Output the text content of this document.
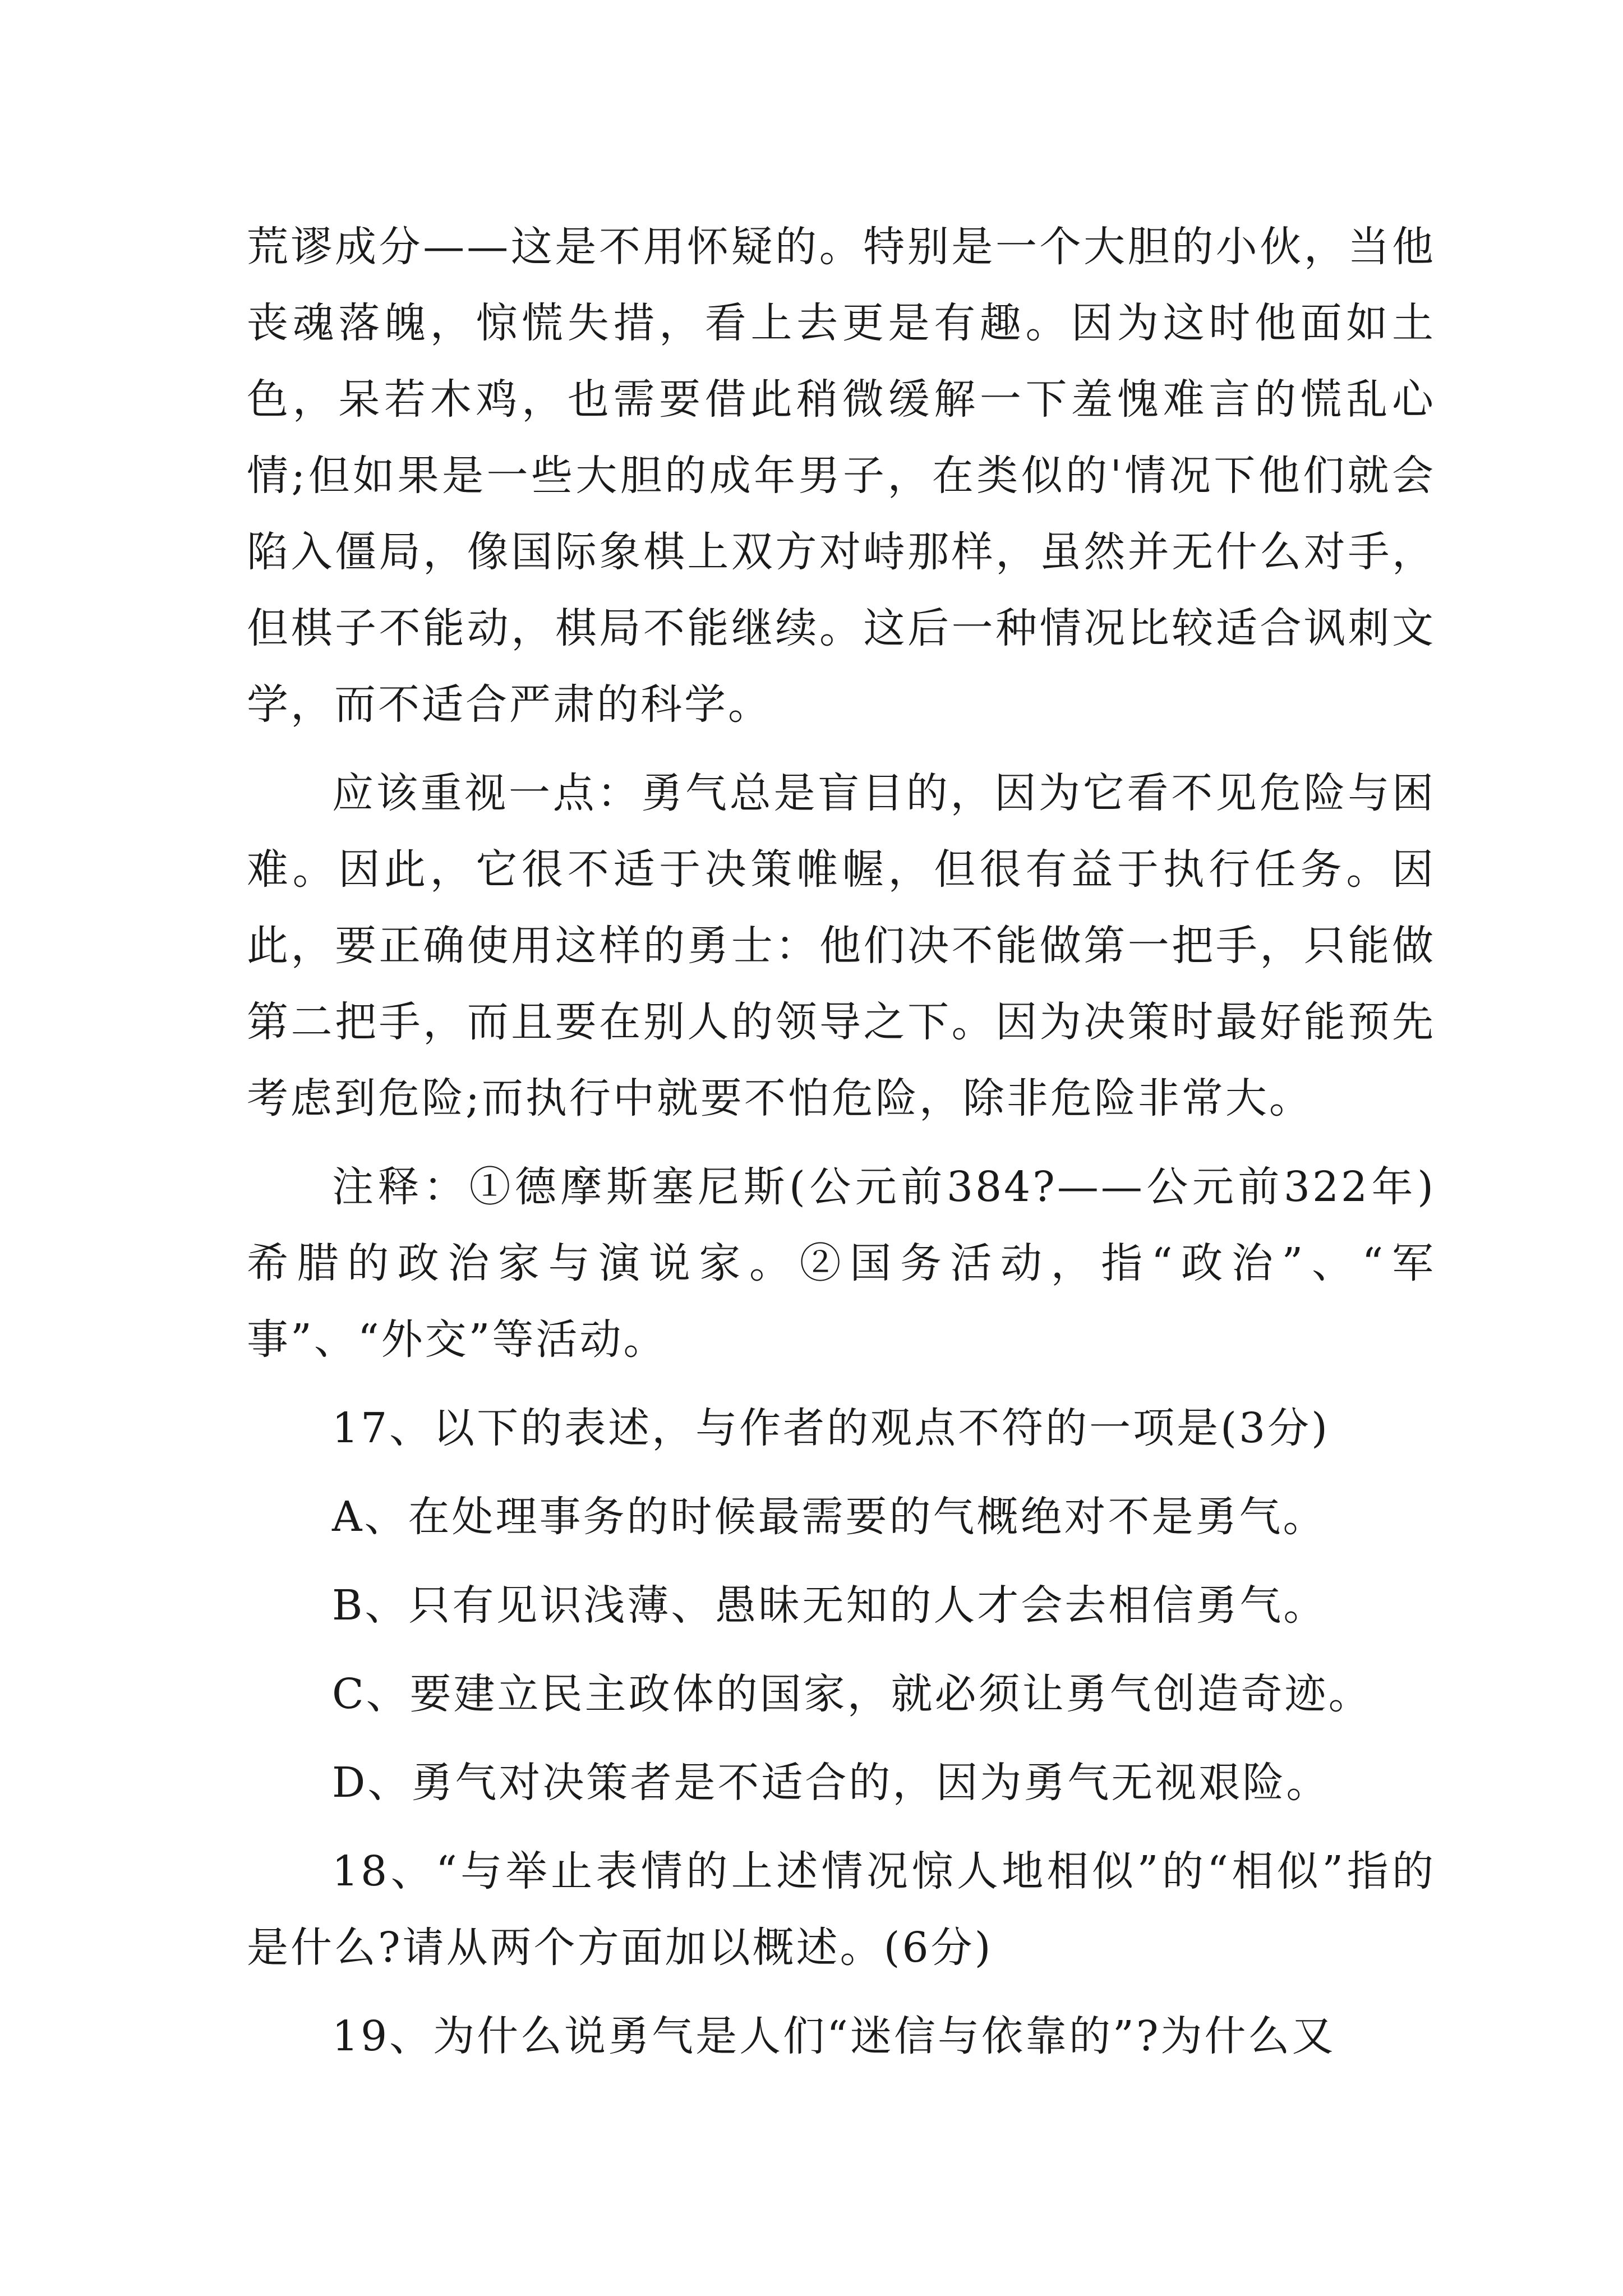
荒谬成分——这是不用怀疑的。特别是一个大胆的小伙，当他丧魂落魄，惊慌失措，看上去更是有趣。因为这时他面如土色，呆若木鸡，也需要借此稍微缓解一下羞愧难言的慌乱心情;但如果是一些大胆的成年男子，在类似的'情况下他们就会陷入僵局，像国际象棋上双方对峙那样，虽然并无什么对手，但棋子不能动，棋局不能继续。这后一种情况比较适合讽刺文学，而不适合严肃的科学。

应该重视一点：勇气总是盲目的，因为它看不见危险与困难。因此，它很不适于决策帷幄，但很有益于执行任务。因此，要正确使用这样的勇士：他们决不能做第一把手，只能做第二把手，而且要在别人的领导之下。因为决策时最好能预先考虑到危险;而执行中就要不怕危险，除非危险非常大。

注释：①德摩斯塞尼斯(公元前384?——公元前322年)希腊的政治家与演说家。②国务活动，指“政治”、“军事”、“外交”等活动。

17、以下的表述，与作者的观点不符的一项是(3分)

A、在处理事务的时候最需要的气概绝对不是勇气。

B、只有见识浅薄、愚昧无知的人才会去相信勇气。

C、要建立民主政体的国家，就必须让勇气创造奇迹。

D、勇气对决策者是不适合的，因为勇气无视艰险。

18、“与举止表情的上述情况惊人地相似”的“相似”指的是什么?请从两个方面加以概述。(6分)

19、为什么说勇气是人们“迷信与依靠的”?为什么又
